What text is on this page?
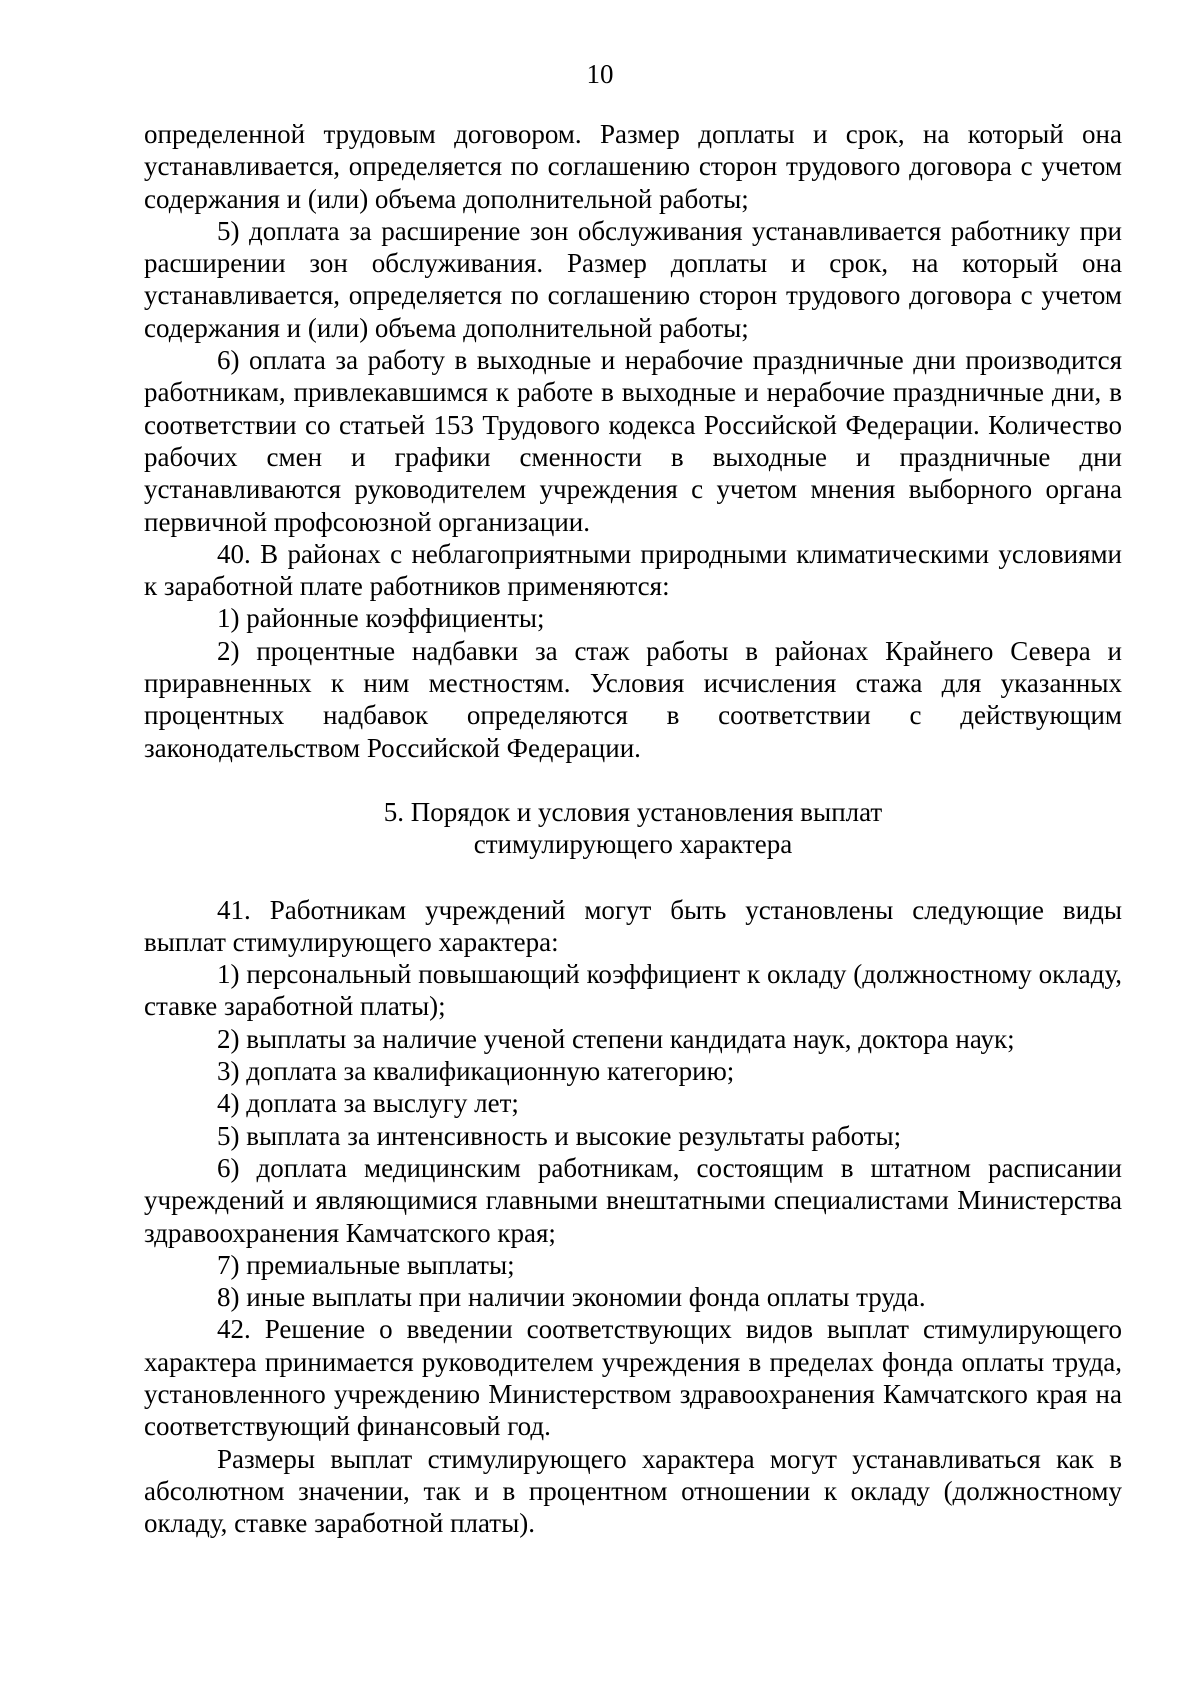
10

определенной трудовым договором. Размер доплаты и срок, на который она устанавливается, определяется по соглашению сторон трудового договора с учетом содержания и (или) объема дополнительной работы;

5) доплата за расширение зон обслуживания устанавливается работнику при расширении зон обслуживания. Размер доплаты и срок, на который она устанавливается, определяется по соглашению сторон трудового договора с учетом содержания и (или) объема дополнительной работы;

6) оплата за работу в выходные и нерабочие праздничные дни производится работникам, привлекавшимся к работе в выходные и нерабочие праздничные дни, в соответствии со статьей 153 Трудового кодекса Российской Федерации. Количество рабочих смен и графики сменности в выходные и праздничные дни устанавливаются руководителем учреждения с учетом мнения выборного органа первичной профсоюзной организации.

40. В районах с неблагоприятными природными климатическими условиями к заработной плате работников применяются:

1) районные коэффициенты;

2) процентные надбавки за стаж работы в районах Крайнего Севера и приравненных к ним местностям. Условия исчисления стажа для указанных процентных надбавок определяются в соответствии с действующим законодательством Российской Федерации.

5. Порядок и условия установления выплат

стимулирующего характера

41. Работникам учреждений могут быть установлены следующие виды выплат стимулирующего характера:

1) персональный повышающий коэффициент к окладу (должностному окладу, ставке заработной платы);

2) выплаты за наличие ученой степени кандидата наук, доктора наук;

3) доплата за квалификационную категорию;

4) доплата за выслугу лет;

5) выплата за интенсивность и высокие результаты работы;

6) доплата медицинским работникам, состоящим в штатном расписании учреждений и являющимися главными внештатными специалистами Министерства здравоохранения Камчатского края;

7) премиальные выплаты;

8) иные выплаты при наличии экономии фонда оплаты труда.

42. Решение о введении соответствующих видов выплат стимулирующего характера принимается руководителем учреждения в пределах фонда оплаты труда, установленного учреждению Министерством здравоохранения Камчатского края на соответствующий финансовый год.

Размеры выплат стимулирующего характера могут устанавливаться как в абсолютном значении, так и в процентном отношении к окладу (должностному окладу, ставке заработной платы).
